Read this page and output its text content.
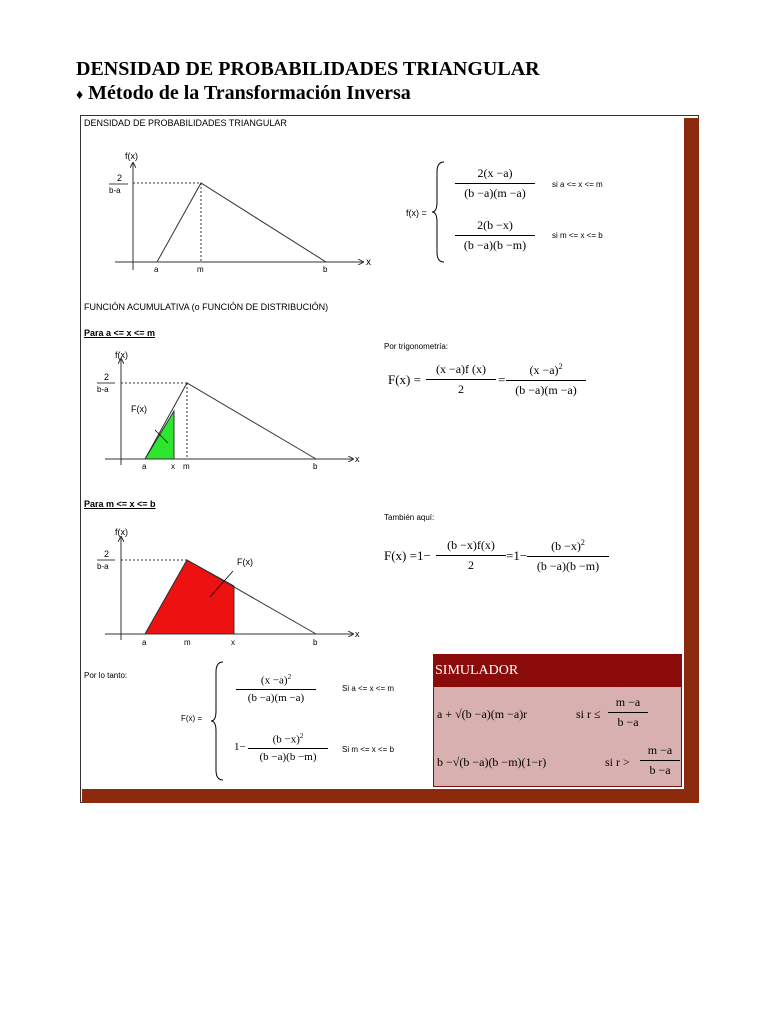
DENSIDAD DE PROBABILIDADES TRIANGULAR
♦ Método de la Transformación Inversa
DENSIDAD DE PROBABILIDADES TRIANGULAR
f(x)
2
b-a
a	m	b
x
f(x) =
2(x −a)
(b −a)(m −a)
si a <= x <= m
2(b −x)
(b −a)(b −m)
si m <= x <= b
FUNCIÓN ACUMULATIVA (o FUNCIÓN DE DISTRIBUCIÓN)
Para a <= x <= m
f(x)
2
b-a
F(x)
a	x m	b
x
Por trigonometría:
F(x) =
(x −a)f (x)
2
=
$(x -a)^2$
(b −a)(m −a)
Para m <= x <= b
f(x)
2
b-a	F(x)
a	m	x	b
x
También aquí:
F(x) =1−
(b −x)f(x)
2
=1−
$(b -x)^2$
(b −a)(b −m)
Por lo tanto:
F(x) =
$(x -a)^2$
(b −a)(m −a)
Si a <= x <= m
1−
$(b -x)^2$
(b −a)(b −m)
Si m <= x <= b
SIMULADOR
a + √(b −a)(m −a)r	si r ≤
m −a
b −a
b −√(b −a)(b −m)(1−r)	si r >
m −a
b −a
